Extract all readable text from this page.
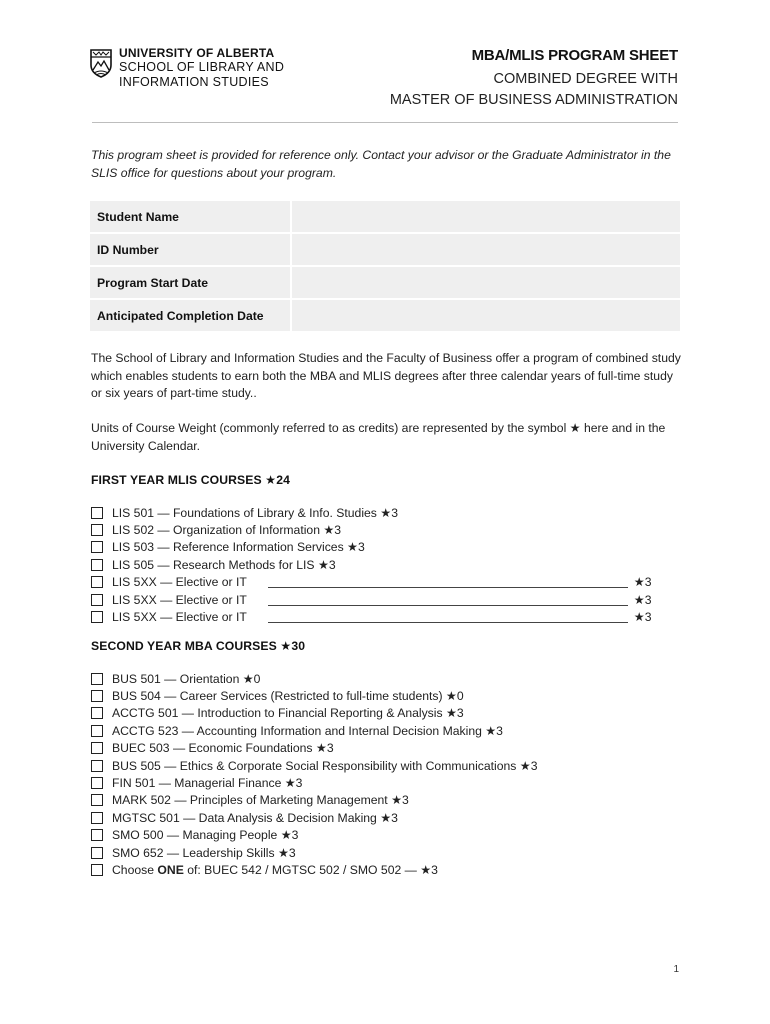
UNIVERSITY OF ALBERTA
SCHOOL OF LIBRARY AND
INFORMATION STUDIES
MBA/MLIS PROGRAM SHEET
COMBINED DEGREE WITH
MASTER OF BUSINESS ADMINISTRATION
This program sheet is provided for reference only. Contact your advisor or the Graduate Administrator in the SLIS office for questions about your program.
Student Name
ID Number
Program Start Date
Anticipated Completion Date
The School of Library and Information Studies and the Faculty of Business offer a program of combined study which enables students to earn both the MBA and MLIS degrees after three calendar years of full-time study or six years of part-time study..
Units of Course Weight (commonly referred to as credits) are represented by the symbol ★ here and in the University Calendar.
FIRST YEAR MLIS COURSES ★24
LIS 501 — Foundations of Library & Info. Studies ★3
LIS 502 — Organization of Information ★3
LIS 503 — Reference Information Services ★3
LIS 505 — Research Methods for LIS ★3
LIS 5XX — Elective or IT	★3
LIS 5XX — Elective or IT	★3
LIS 5XX — Elective or IT	★3
SECOND YEAR MBA COURSES ★30
BUS 501 — Orientation ★0
BUS 504 — Career Services (Restricted to full-time students) ★0
ACCTG 501 — Introduction to Financial Reporting & Analysis ★3
ACCTG 523 — Accounting Information and Internal Decision Making ★3
BUEC 503 — Economic Foundations ★3
BUS 505 — Ethics & Corporate Social Responsibility with Communications ★3
FIN 501 — Managerial Finance ★3
MARK 502 — Principles of Marketing Management ★3
MGTSC 501 — Data Analysis & Decision Making ★3
SMO 500 — Managing People ★3
SMO 652 — Leadership Skills ★3
Choose ONE of: BUEC 542 / MGTSC 502 / SMO 502 — ★3
1
